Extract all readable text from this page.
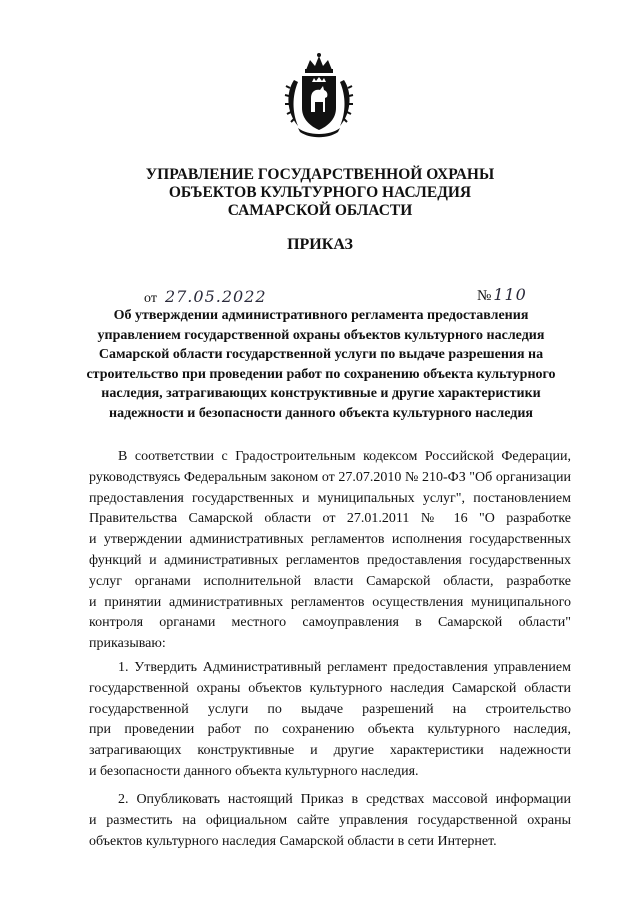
УПРАВЛЕНИЕ ГОСУДАРСТВЕННОЙ ОХРАНЫ
ОБЪЕКТОВ КУЛЬТУРНОГО НАСЛЕДИЯ
САМАРСКОЙ ОБЛАСТИ
ПРИКАЗ
от 27.05.2022	№ 110
Об утверждении административного регламента предоставления
управлением государственной охраны объектов культурного наследия
Самарской области государственной услуги по выдаче разрешения на
строительство при проведении работ по сохранению объекта культурного
наследия, затрагивающих конструктивные и другие характеристики
надежности и безопасности данного объекта культурного наследия
В соответствии с Градостроительным кодексом Российской Федерации,
руководствуясь Федеральным законом от 27.07.2010 № 210-ФЗ "Об организации
предоставления государственных и муниципальных услуг", постановлением
Правительства Самарской области от 27.01.2011 № 16 "О разработке
и утверждении административных регламентов исполнения государственных
функций и административных регламентов предоставления государственных
услуг органами исполнительной власти Самарской области, разработке
и принятии административных регламентов осуществления муниципального
контроля органами местного самоуправления в Самарской области"
приказываю:
1. Утвердить Административный регламент предоставления управлением
государственной охраны объектов культурного наследия Самарской области
государственной услуги по выдаче разрешений на строительство
при проведении работ по сохранению объекта культурного наследия,
затрагивающих конструктивные и другие характеристики надежности
и безопасности данного объекта культурного наследия.
2. Опубликовать настоящий Приказ в средствах массовой информации
и разместить на официальном сайте управления государственной охраны
объектов культурного наследия Самарской области в сети Интернет.
